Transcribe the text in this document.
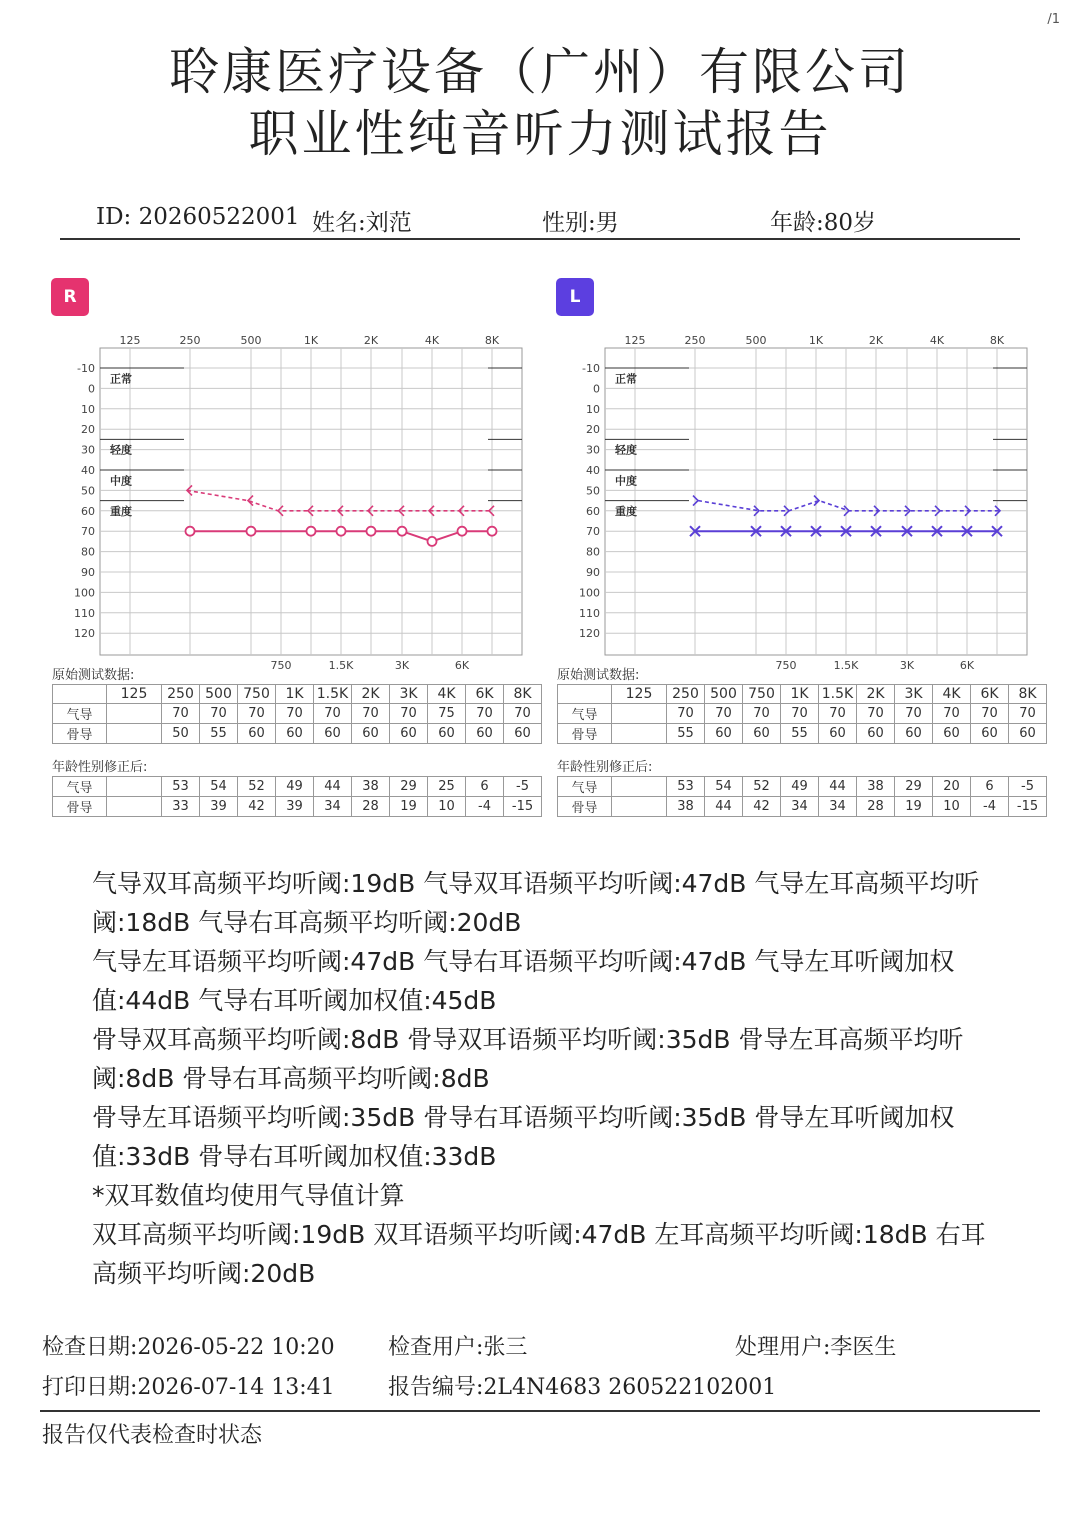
/1
聆康医疗设备（广州）有限公司
职业性纯音听力测试报告
ID: 20260522001 姓名:刘范	性别:男	年龄:80岁
R	L
125	250	500	1K	2K	4K	8K
750	1.5K	3K	6K
-10
0
10
20
30
40
50
60
70
80
90
100
110
120
正常
轻度
中度
重度
125	250	500	1K	2K	4K	8K
750	1.5K	3K	6K
-10
0
10
20
30
40
50
60
70
80
90
100
110
120
正常
轻度
中度
重度
原始测试数据:
	125	250	500	750	1K	1.5K	2K	3K	4K	6K	8K
气导		70	70	70	70	70	70	70	75	70	70
骨导		50	55	60	60	60	60	60	60	60	60
年龄性别修正后:
气导		53	54	52	49	44	38	29	25	6	-5
骨导		33	39	42	39	34	28	19	10	-4	-15
原始测试数据:
	125	250	500	750	1K	1.5K	2K	3K	4K	6K	8K
气导		70	70	70	70	70	70	70	70	70	70
骨导		55	60	60	55	60	60	60	60	60	60
年龄性别修正后:
气导		53	54	52	49	44	38	29	20	6	-5
骨导		38	44	42	34	34	28	19	10	-4	-15

气导双耳高频平均听阈:19dB 气导双耳语频平均听阈:47dB 气导左耳高频平均听阈:18dB 气导右耳高频平均听阈:20dB

气导左耳语频平均听阈:47dB 气导右耳语频平均听阈:47dB 气导左耳听阈加权值:44dB 气导右耳听阈加权值:45dB

骨导双耳高频平均听阈:8dB 骨导双耳语频平均听阈:35dB 骨导左耳高频平均听阈:8dB 骨导右耳高频平均听阈:8dB

骨导左耳语频平均听阈:35dB 骨导右耳语频平均听阈:35dB 骨导左耳听阈加权值:33dB 骨导右耳听阈加权值:33dB

*双耳数值均使用气导值计算

双耳高频平均听阈:19dB 双耳语频平均听阈:47dB 左耳高频平均听阈:18dB 右耳高频平均听阈:20dB

检查日期:2026-05-22 10:20 检查用户:张三	处理用户:李医生
打印日期:2026-07-14 13:41 报告编号:2L4N4683 260522102001
报告仅代表检查时状态
